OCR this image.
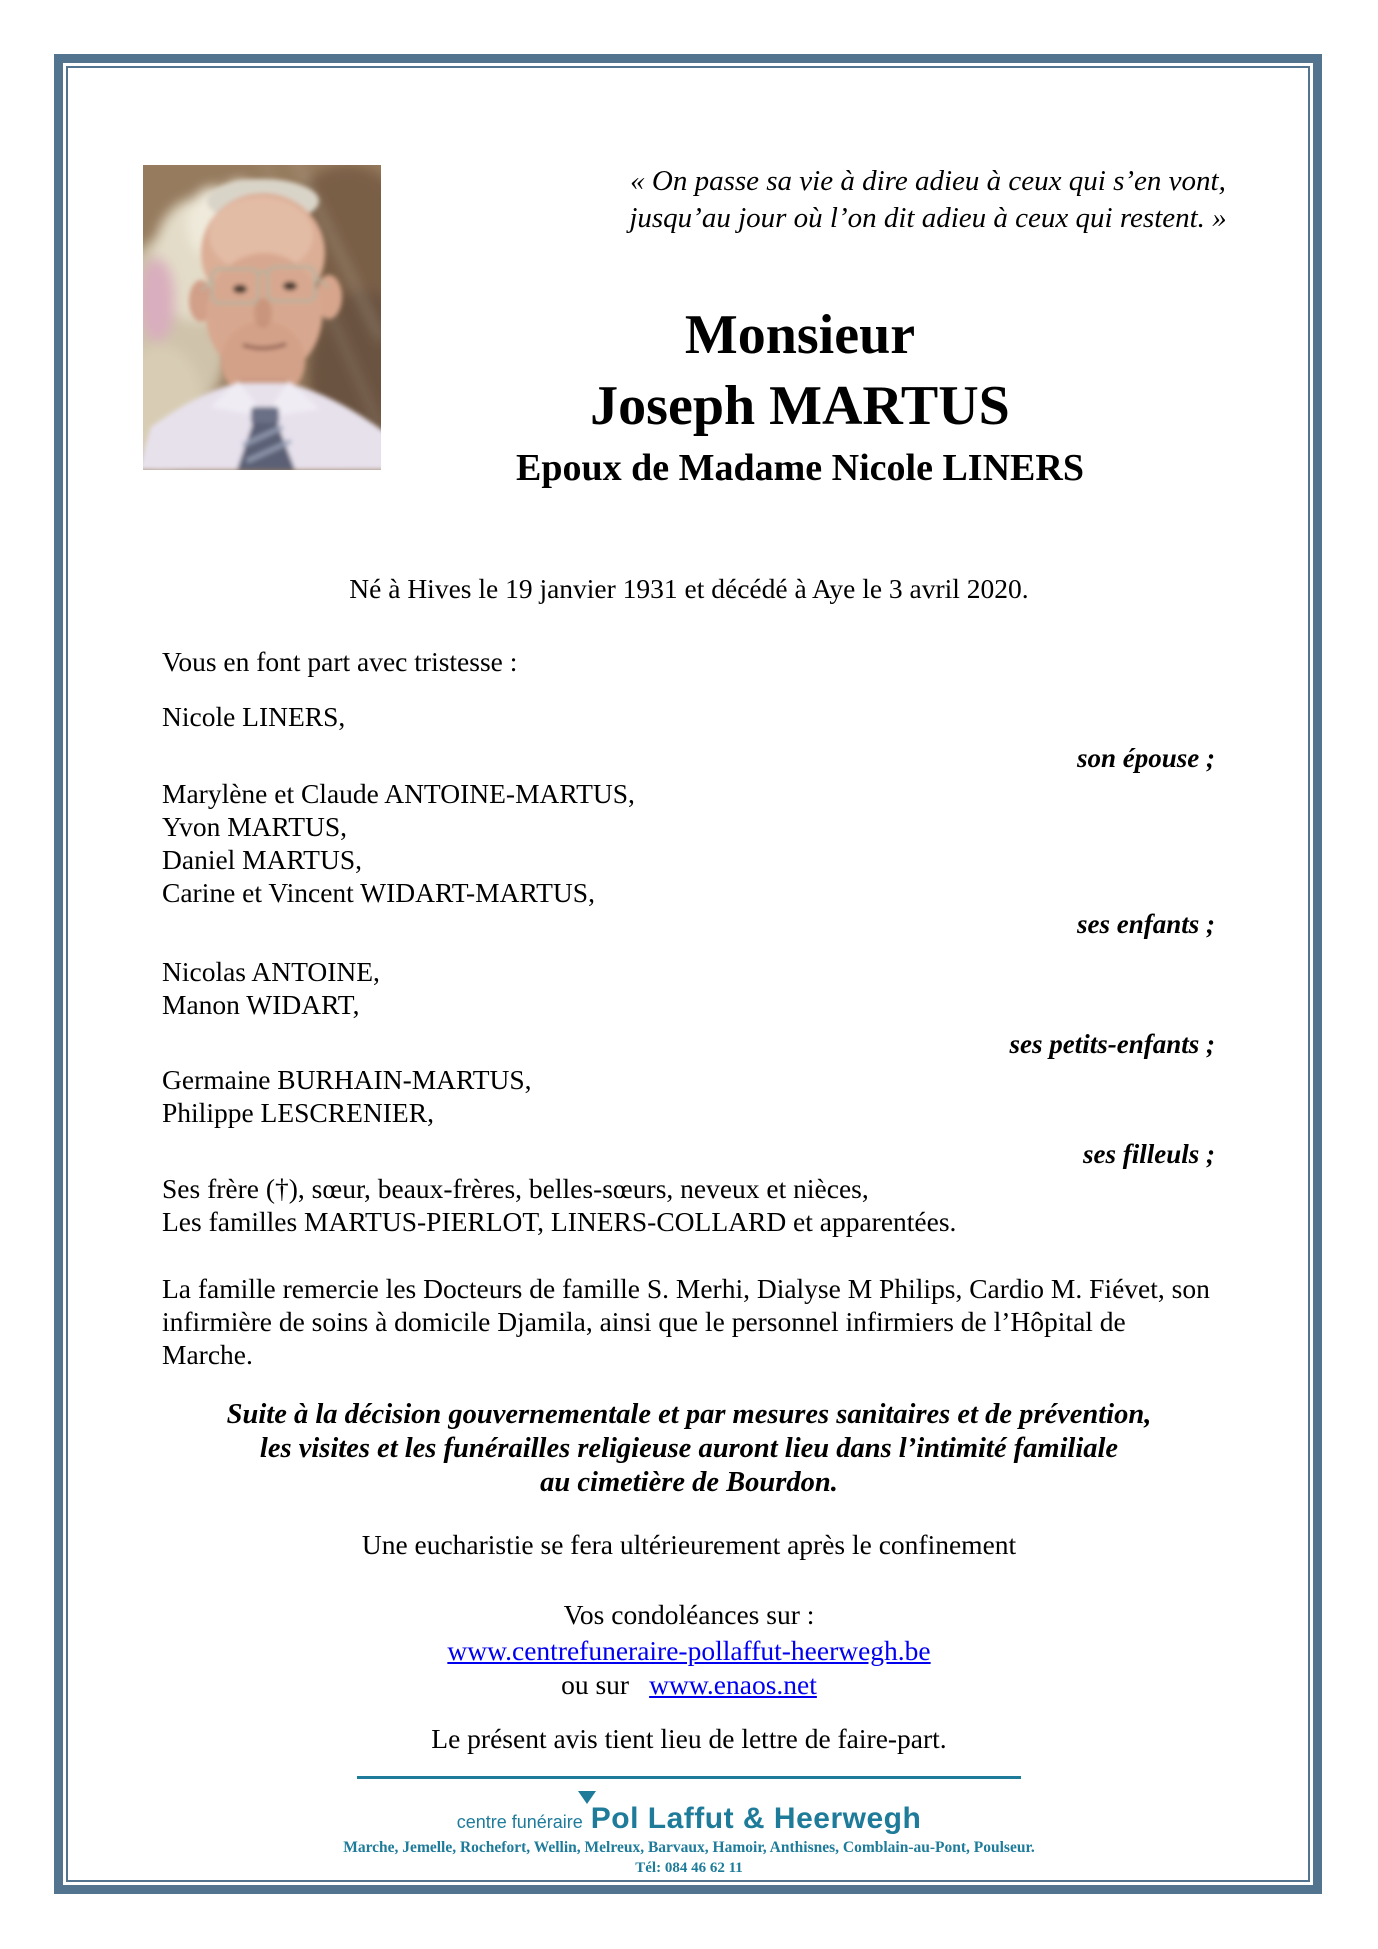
« On passe sa vie à dire adieu à ceux qui s’en vont,
jusqu’au jour où l’on dit adieu à ceux qui restent. »
Monsieur
Joseph MARTUS
Epoux de Madame Nicole LINERS
Né à Hives le 19 janvier 1931 et décédé à Aye le 3 avril 2020.
Vous en font part avec tristesse :
Nicole LINERS,
son épouse ;
Marylène et Claude ANTOINE-MARTUS,
Yvon MARTUS,
Daniel MARTUS,
Carine et Vincent WIDART-MARTUS,
ses enfants ;
Nicolas ANTOINE,
Manon WIDART,
ses petits-enfants ;
Germaine BURHAIN-MARTUS,
Philippe LESCRENIER,
ses filleuls ;
Ses frère (†), sœur, beaux-frères, belles-sœurs, neveux et nièces,
Les familles MARTUS-PIERLOT, LINERS-COLLARD et apparentées.
La famille remercie les Docteurs de famille S. Merhi, Dialyse M Philips, Cardio M. Fiévet, son infirmière de soins à domicile Djamila, ainsi que le personnel infirmiers de l’Hôpital de Marche.
Suite à la décision gouvernementale et par mesures sanitaires et de prévention,
les visites et les funérailles religieuse auront lieu dans l’intimité familiale
au cimetière de Bourdon.
Une eucharistie se fera ultérieurement après le confinement
Vos condoléances sur :
www.centrefuneraire-pollaffut-heerwegh.be
ou sur www.enaos.net
Le présent avis tient lieu de lettre de faire-part.
centre funéraire Pol Laffut & Heerwegh
Marche, Jemelle, Rochefort, Wellin, Melreux, Barvaux, Hamoir, Anthisnes, Comblain-au-Pont, Poulseur.
Tél: 084 46 62 11
